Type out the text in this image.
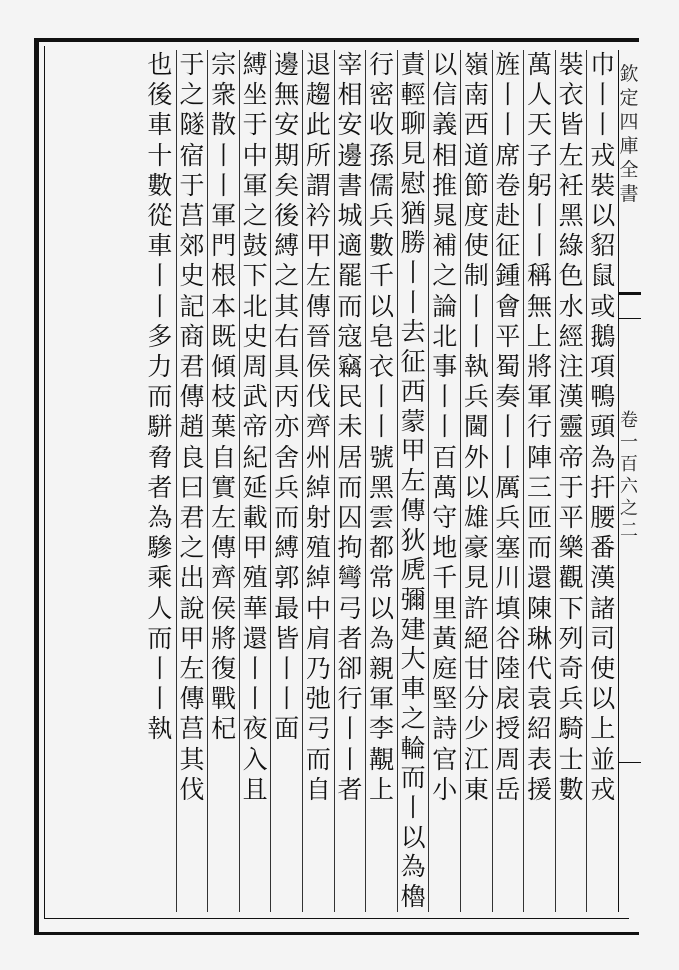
欽
定
四
庫
全
書
卷
一
百
六
之
二
巾
丨
丨
戎
裝
以
貂
鼠
或
鵝
項
鴨
頭
為
扞
腰
番
漢
諸
司
使
以
上
並
戎
裝
衣
皆
左
衽
黑
綠
色
水
經
注
漢
靈
帝
于
平
樂
觀
下
列
奇
兵
騎
士
數
萬
人
天
子
躬
丨
丨
稱
無
上
將
軍
行
陣
三
匝
而
還
陳
琳
代
袁
紹
表
援
旌
丨
丨
席
卷
赴
征
鍾
會
平
蜀
奏
丨
丨
厲
兵
塞
川
填
谷
陸
扆
授
周
岳
嶺
南
西
道
節
度
使
制
丨
丨
執
兵
閫
外
以
雄
豪
見
許
絕
甘
分
少
江
東
以
信
義
相
推
晁
補
之
論
北
事
丨
丨
百
萬
守
地
千
里
黃
庭
堅
詩
官
小
責
輕
聊
見
慰
猶
勝
丨
丨
去
征
西
蒙
甲
左
傳
狄
虒
彌
建
大
車
之
輪
而
丨
以
為
櫓
行
密
收
孫
儒
兵
數
千
以
皂
衣
丨
丨
號
黑
雲
都
常
以
為
親
軍
李
覯
上
宰
相
安
邊
書
城
適
罷
而
寇
竊
民
未
居
而
囚
拘
彎
弓
者
卻
行
丨
丨
者
退
趨
此
所
謂
衿
甲
左
傳
晉
侯
伐
齊
州
綽
射
殖
綽
中
肩
乃
弛
弓
而
自
邊
無
安
期
矣
後
縛
之
其
右
具
丙
亦
舍
兵
而
縛
郭
最
皆
丨
丨
面
縛
坐
于
中
軍
之
鼓
下
北
史
周
武
帝
紀
延
載
甲
殖
華
還
丨
丨
夜
入
且
宗
衆
散
丨
丨
軍
門
根
本
既
傾
枝
葉
自
實
左
傳
齊
侯
將
復
戰
杞
于
之
隧
宿
于
莒
郊
史
記
商
君
傳
趙
良
曰
君
之
出
說
甲
左
傳
莒
其
伐
也
後
車
十
數
從
車
丨
丨
多
力
而
駢
脅
者
為
驂
乘
人
而
丨
丨
執
